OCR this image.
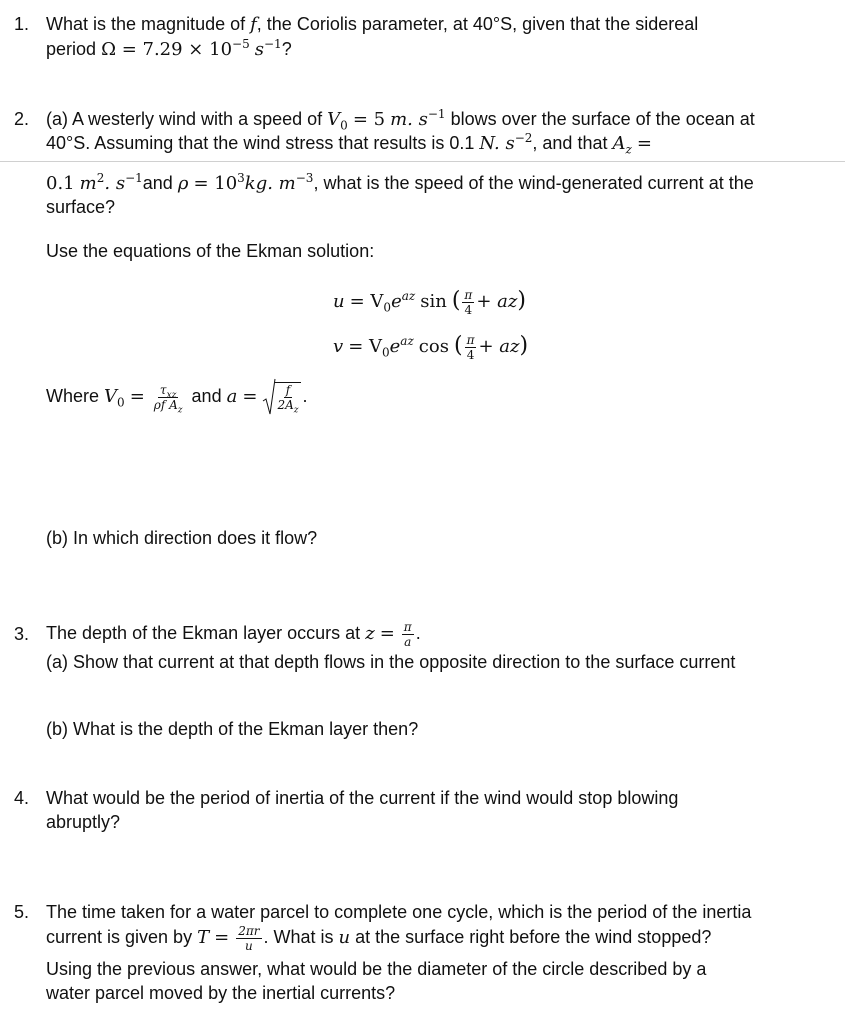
1. What is the magnitude of f, the Coriolis parameter, at 40°S, given that the sidereal
period $\Omega = 7.29 \times 10^{-5}$ $s^{-1}$?
2. (a) A westerly wind with a speed of $V_0 = 5$ m. $s^{-1}$ blows over the surface of the ocean at
40°S. Assuming that the wind stress that results is 0.1 N. $s^{-2}$, and that $A_z$ =
0.1 $m^2$. $s^{-1}and$ $\rho = 10^3kg$. $m^{-3}$, what is the speed of the wind-generated current at the
surface?
Use the equations of the Ekman solution:
$u = V_0e^{az}$ sin ( $\frac{\pi}{4} + az$)
$v = V_0e^{az}$ cos ( $\frac{\pi}{4} + az$)
Where $V_0 = \frac{\tau_{xz}}{\rho f A_z}$ and $a = \frac{f}{2A_z}$ .
(b) In which direction does it flow?
3. The depth of the Ekman layer occurs at $z = \frac{\pi}{a}$ .
(a) Show that current at that depth flows in the opposite direction to the surface current
(b) What is the depth of the Ekman layer then?
4. What would be the period of inertia of the current if the wind would stop blowing
abruptly?
5. The time taken for a water parcel to complete one cycle, which is the period of the inertia
current is given by $T = \frac{2\pi r}{u}$ . What is u at the surface right before the wind stopped?
Using the previous answer, what would be the diameter of the circle described by a
water parcel moved by the inertial currents?
